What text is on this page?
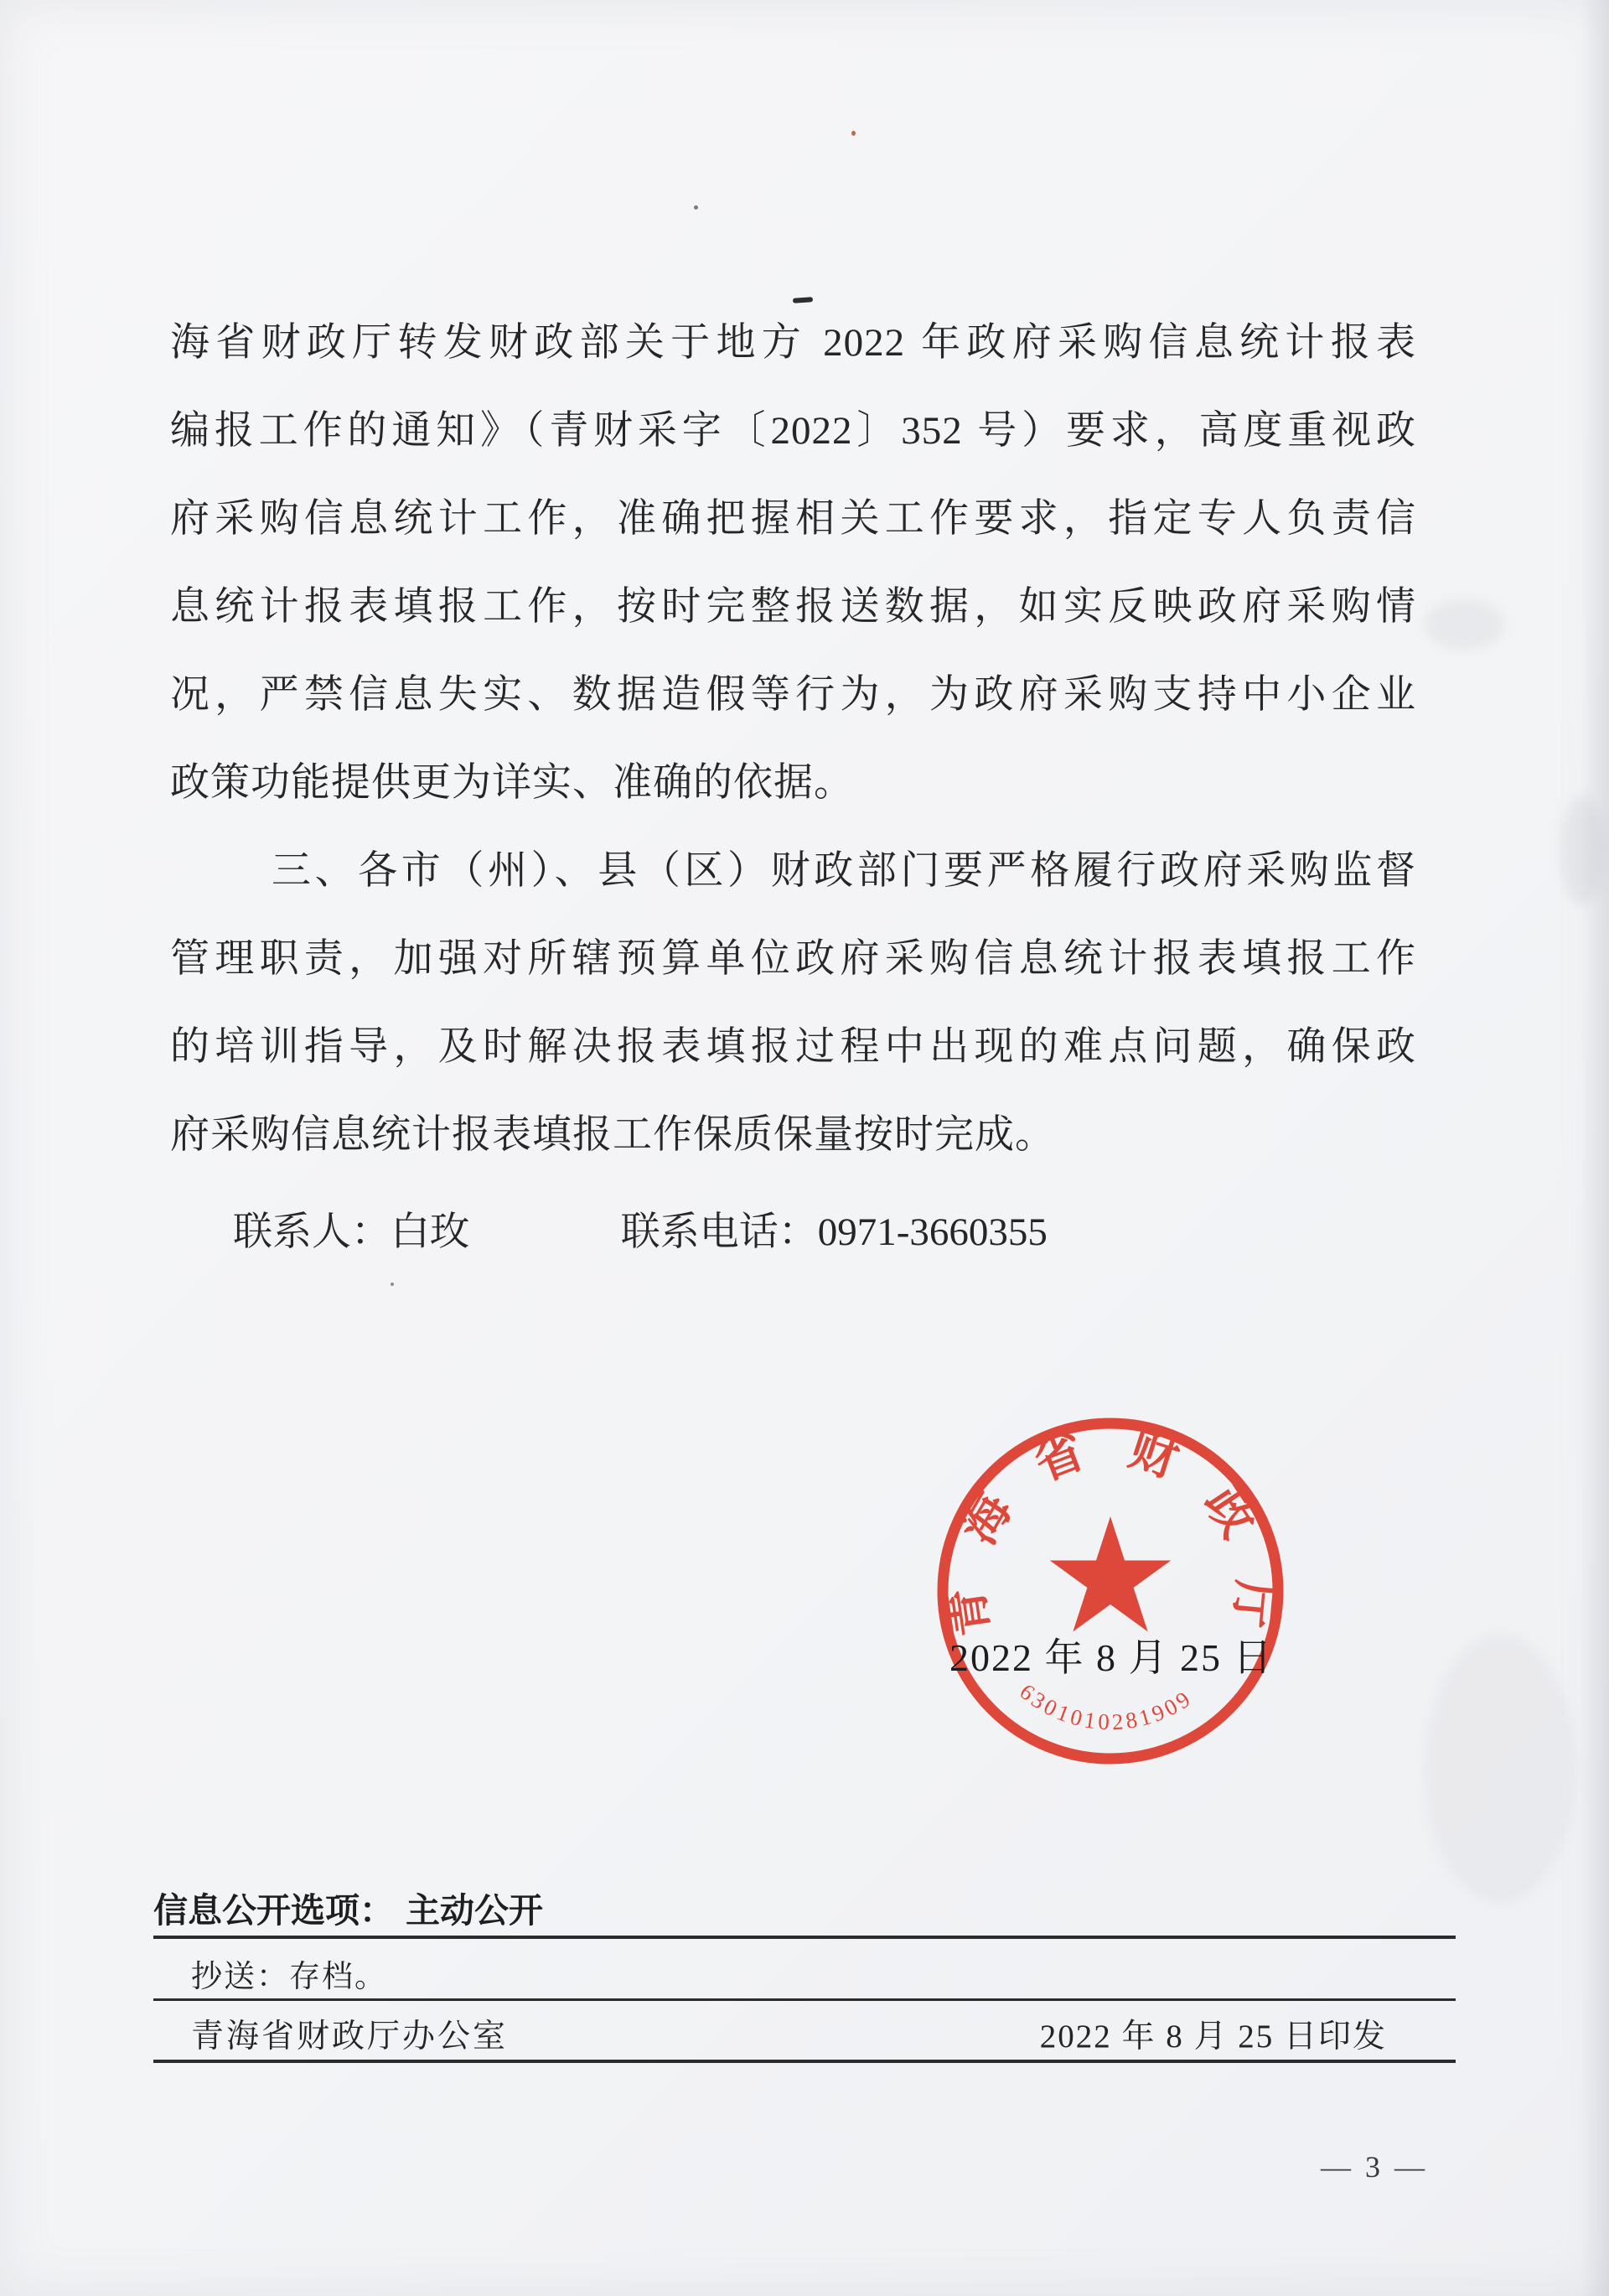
海省财政厅转发财政部关于地方 2022 年政府采购信息统计报表
编报工作的通知》（青财采字〔2022〕352 号）要求，高度重视政
府采购信息统计工作，准确把握相关工作要求，指定专人负责信
息统计报表填报工作，按时完整报送数据，如实反映政府采购情
况，严禁信息失实、数据造假等行为，为政府采购支持中小企业
政策功能提供更为详实、准确的依据。
三、各市（州）、县（区）财政部门要严格履行政府采购监督
管理职责，加强对所辖预算单位政府采购信息统计报表填报工作
的培训指导，及时解决报表填报过程中出现的难点问题，确保政
府采购信息统计报表填报工作保质保量按时完成。
联系人：白玫	联系电话：0971-3660355
青海省财政厅
6301010281909
2022 年 8 月 25 日
信息公开选项： 主动公开
抄送：存档。
青海省财政厅办公室	2022 年 8 月 25 日印发
— 3 —
